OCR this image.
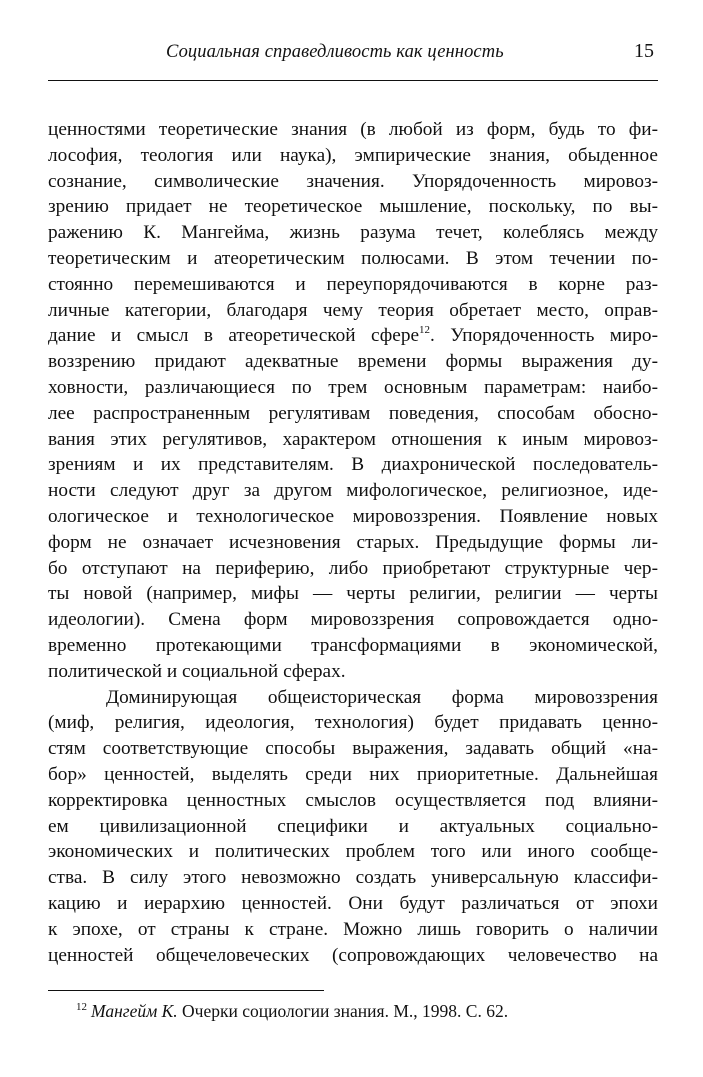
Социальная справедливость как ценность	15
ценностями теоретические знания (в любой из форм, будь то фи-
лософия, теология или наука), эмпирические знания, обыденное
сознание, символические значения. Упорядоченность мировоз-
зрению придает не теоретическое мышление, поскольку, по вы-
ражению К. Мангейма, жизнь разума течет, колеблясь между
теоретическим и атеоретическим полюсами. В этом течении по-
стоянно перемешиваются и переупорядочиваются в корне раз-
личные категории, благодаря чему теория обретает место, оправ-
дание и смысл в атеоретической сфере$^{12}$. Упорядоченность миро-
воззрению придают адекватные времени формы выражения ду-
ховности, различающиеся по трем основным параметрам: наибо-
лее распространенным регулятивам поведения, способам обосно-
вания этих регулятивов, характером отношения к иным мировоз-
зрениям и их представителям. В диахронической последователь-
ности следуют друг за другом мифологическое, религиозное, иде-
ологическое и технологическое мировоззрения. Появление новых
форм не означает исчезновения старых. Предыдущие формы ли-
бо отступают на периферию, либо приобретают структурные чер-
ты новой (например, мифы — черты религии, религии — черты
идеологии). Смена форм мировоззрения сопровождается одно-
временно протекающими трансформациями в экономической,
политической и социальной сферах.
Доминирующая общеисторическая форма мировоззрения
(миф, религия, идеология, технология) будет придавать ценно-
стям соответствующие способы выражения, задавать общий «на-
бор» ценностей, выделять среди них приоритетные. Дальнейшая
корректировка ценностных смыслов осуществляется под влияни-
ем цивилизационной специфики и актуальных социально-
экономических и политических проблем того или иного сообще-
ства. В силу этого невозможно создать универсальную классифи-
кацию и иерархию ценностей. Они будут различаться от эпохи
к эпохе, от страны к стране. Можно лишь говорить о наличии
ценностей общечеловеческих (сопровождающих человечество на
$^{12}$ Мангейм К. Очерки социологии знания. М., 1998. С. 62.
